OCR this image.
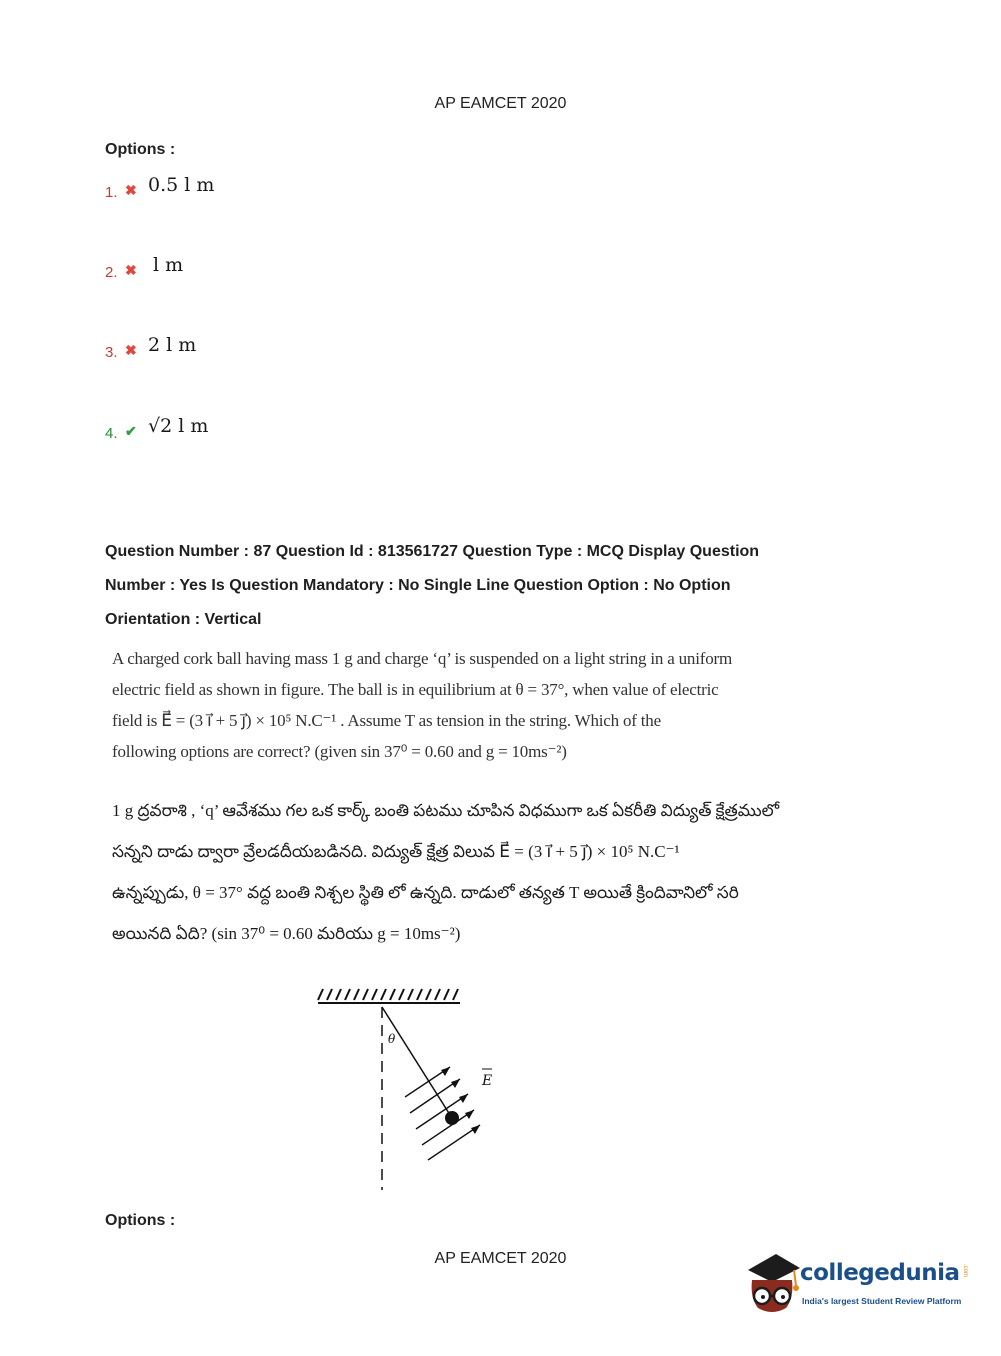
AP EAMCET 2020
Options :
1. ✖ 0.5 l m
2. ✖ l m
3. ✖ 2 l m
4. ✔ √2 l m
Question Number : 87 Question Id : 813561727 Question Type : MCQ Display Question
Number : Yes Is Question Mandatory : No Single Line Question Option : No Option
Orientation : Vertical

A charged cork ball having mass 1 g and charge ‘q’ is suspended on a light string in a uniform

electric field as shown in figure. The ball is in equilibrium at θ = 37°, when value of electric

field is E⃗ = (3 i⃗ + 5 j⃗) × 10⁵ N.C⁻¹ . Assume T as tension in the string. Which of the

following options are correct? (given sin 37⁰ = 0.60 and g = 10ms⁻²)

1 g ద్రవరాశి , ‘q’ ఆవేశము గల ఒక కార్క్ బంతి పటము చూపిన విధముగా ఒక ఏకరీతి విద్యుత్ క్షేత్రములో

సన్నని దాడు ద్వారా వ్రేలడదీయబడినది. విద్యుత్ క్షేత్ర విలువ E⃗ = (3 i⃗ + 5 j⃗) × 10⁵ N.C⁻¹

ఉన్నప్పుడు, θ = 37° వద్ద బంతి నిశ్చల స్థితి లో ఉన్నది. దాడులో తన్యత T అయితే క్రిందివానిలో సరి

అయినది ఏది? (sin 37⁰ = 0.60 మరియు g = 10ms⁻²)

θ
E
Options :
AP EAMCET 2020
collegedunia .com
India's largest Student Review Platform
